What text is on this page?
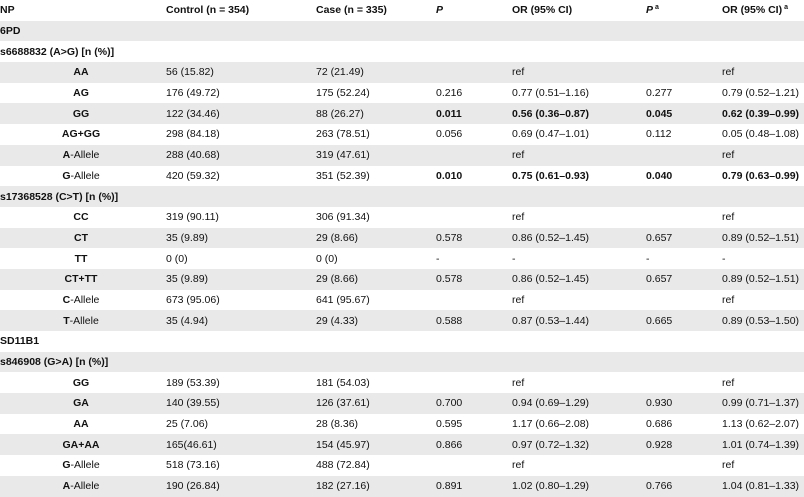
NP	Control (n = 354)	Case (n = 335)	P	OR (95% CI)	P $^a$	OR (95% CI) $^a$
6PD						
s6688832 (A>G) [n (%)]						
AA	56 (15.82)	72 (21.49)		ref		ref
AG	176 (49.72)	175 (52.24)	0.216	0.77 (0.51–1.16)	0.277	0.79 (0.52–1.21)
GG	122 (34.46)	88 (26.27)	0.011	0.56 (0.36–0.87)	0.045	0.62 (0.39–0.99)
AG+GG	298 (84.18)	263 (78.51)	0.056	0.69 (0.47–1.01)	0.112	0.05 (0.48–1.08)
A-Allele	288 (40.68)	319 (47.61)		ref		ref
G-Allele	420 (59.32)	351 (52.39)	0.010	0.75 (0.61–0.93)	0.040	0.79 (0.63–0.99)
s17368528 (C>T) [n (%)]						
CC	319 (90.11)	306 (91.34)		ref		ref
CT	35 (9.89)	29 (8.66)	0.578	0.86 (0.52–1.45)	0.657	0.89 (0.52–1.51)
TT	0 (0)	0 (0)	-	-	-	-
CT+TT	35 (9.89)	29 (8.66)	0.578	0.86 (0.52–1.45)	0.657	0.89 (0.52–1.51)
C-Allele	673 (95.06)	641 (95.67)		ref		ref
T-Allele	35 (4.94)	29 (4.33)	0.588	0.87 (0.53–1.44)	0.665	0.89 (0.53–1.50)
SD11B1						
s846908 (G>A) [n (%)]						
GG	189 (53.39)	181 (54.03)		ref		ref
GA	140 (39.55)	126 (37.61)	0.700	0.94 (0.69–1.29)	0.930	0.99 (0.71–1.37)
AA	25 (7.06)	28 (8.36)	0.595	1.17 (0.66–2.08)	0.686	1.13 (0.62–2.07)
GA+AA	165(46.61)	154 (45.97)	0.866	0.97 (0.72–1.32)	0.928	1.01 (0.74–1.39)
G-Allele	518 (73.16)	488 (72.84)		ref		ref
A-Allele	190 (26.84)	182 (27.16)	0.891	1.02 (0.80–1.29)	0.766	1.04 (0.81–1.33)
